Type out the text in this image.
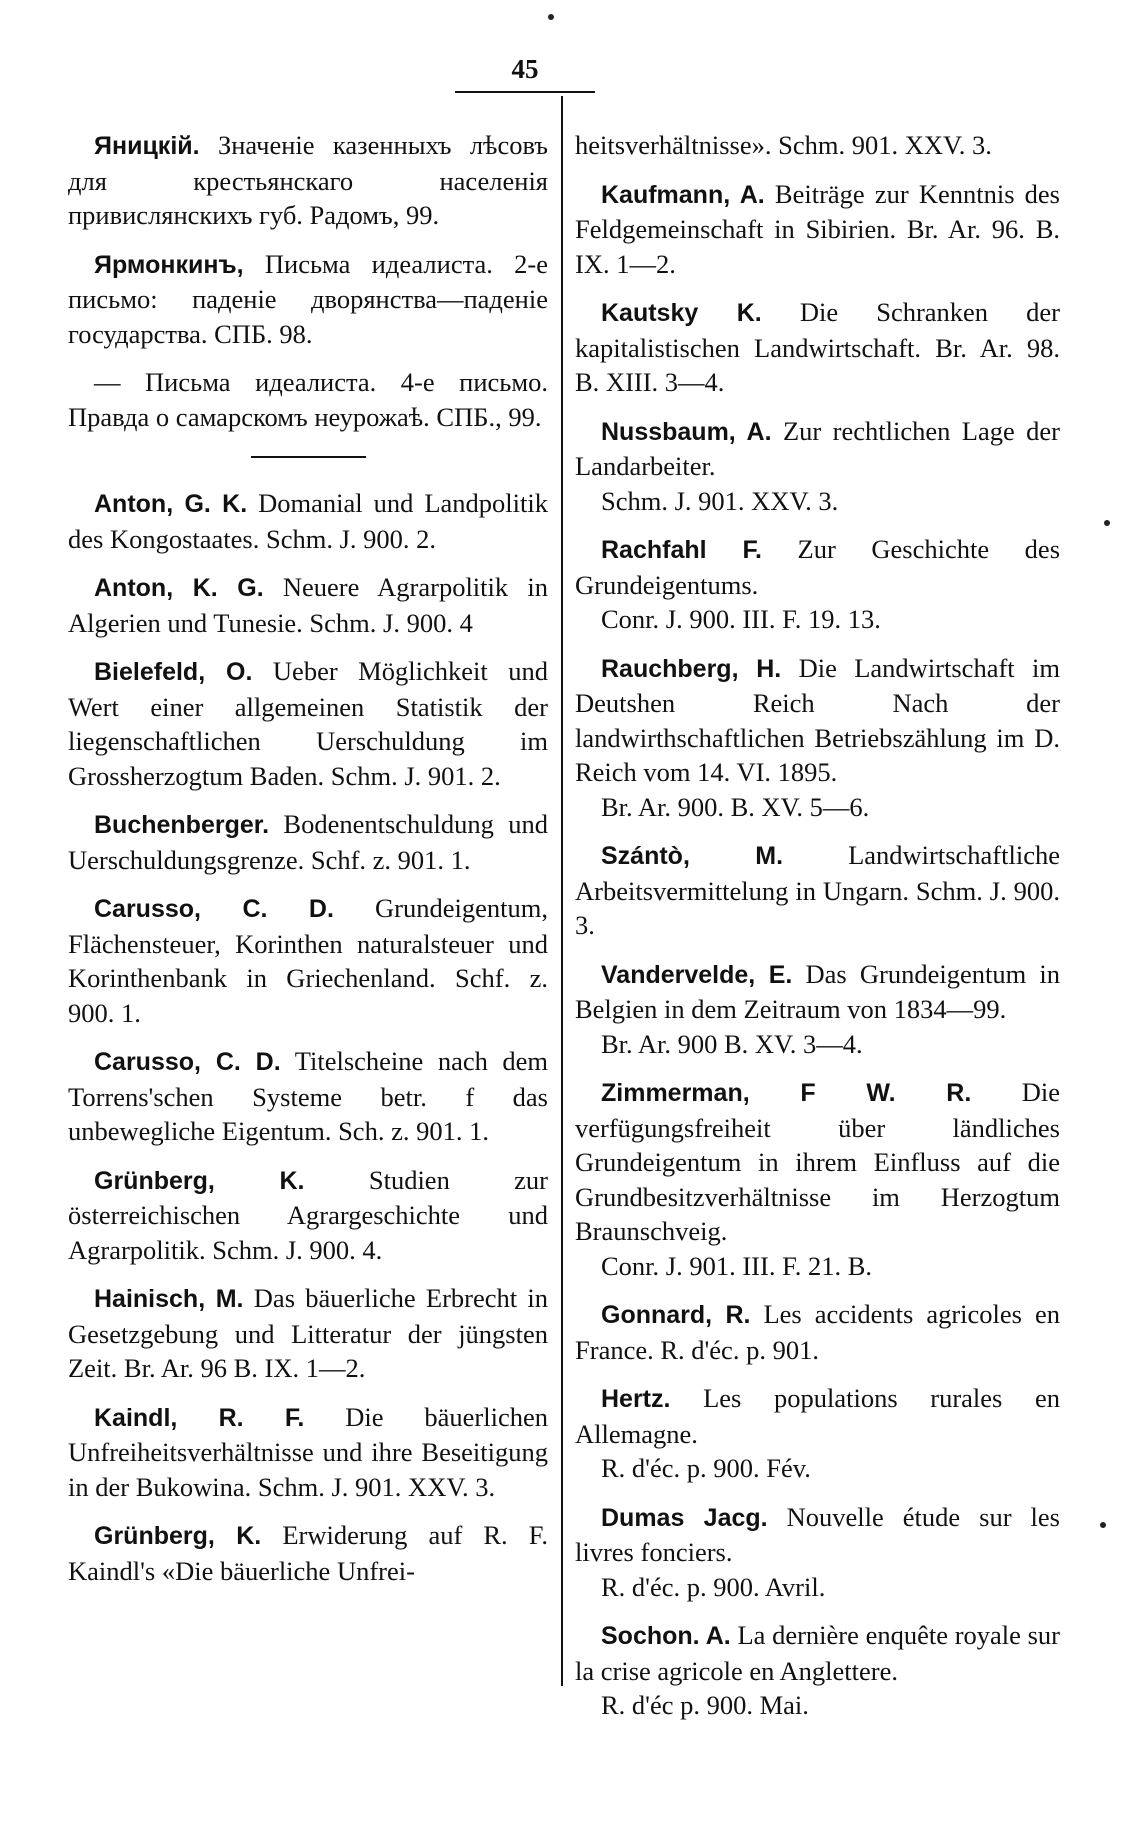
45
Яницкій. Значеніе казенныхъ лѣсовъ для крестьянскаго населенія привислянскихъ губ. Радомъ, 99.
Ярмонкинъ, Письма идеалиста. 2-е письмо: паденіе дворянства—паденіе государства. СПБ. 98.
— Письма идеалиста. 4-е письмо. Правда о самарскомъ неурожаѣ. СПБ., 99.
Anton, G. K. Domanial und Landpolitik des Kongostaates. Schm. J. 900. 2.
Anton, K. G. Neuere Agrarpolitik in Algerien und Tunesie. Schm. J. 900. 4
Bielefeld, O. Ueber Möglichkeit und Wert einer allgemeinen Statistik der liegenschaftlichen Uerschuldung im Grossherzogtum Baden. Schm. J. 901. 2.
Buchenberger. Bodenentschuldung und Uerschuldungsgrenze. Schf. z. 901. 1.
Carusso, C. D. Grundeigentum, Flächensteuer, Korinthen naturalsteuer und Korinthenbank in Griechenland. Schf. z. 900. 1.
Carusso, C. D. Titelscheine nach dem Torrens'schen Systeme betr. f das unbewegliche Eigentum. Sch. z. 901. 1.
Grünberg, K. Studien zur österreichischen Agrargeschichte und Agrarpolitik. Schm. J. 900. 4.
Hainisch, M. Das bäuerliche Erbrecht in Gesetzgebung und Litteratur der jüngsten Zeit. Br. Ar. 96 B. IX. 1—2.
Kaindl, R. F. Die bäuerlichen Unfreiheitsverhältnisse und ihre Beseitigung in der Bukowina. Schm. J. 901. XXV. 3.
Grünberg, K. Erwiderung auf R. F. Kaindl's «Die bäuerliche Unfrei-
heitsverhältnisse». Schm. 901. XXV. 3.
Kaufmann, A. Beiträge zur Kenntnis des Feldgemeinschaft in Sibirien. Br. Ar. 96. B. IX. 1—2.
Kautsky K. Die Schranken der kapitalistischen Landwirtschaft. Br. Ar. 98. B. XIII. 3—4.
Nussbaum, A. Zur rechtlichen Lage der Landarbeiter.
Schm. J. 901. XXV. 3.
Rachfahl F. Zur Geschichte des Grundeigentums.
Conr. J. 900. III. F. 19. 13.
Rauchberg, H. Die Landwirtschaft im Deutshen Reich Nach der landwirthschaftlichen Betriebszählung im D. Reich vom 14. VI. 1895.
Br. Ar. 900. B. XV. 5—6.
Szántò, M. Landwirtschaftliche Arbeitsvermittelung in Ungarn. Schm. J. 900. 3.
Vandervelde, E. Das Grundeigentum in Belgien in dem Zeitraum von 1834—99.
Br. Ar. 900 B. XV. 3—4.
Zimmerman, F W. R. Die verfügungsfreiheit über ländliches Grundeigentum in ihrem Einfluss auf die Grundbesitzverhältnisse im Herzogtum Braunschveig.
Conr. J. 901. III. F. 21. B.
Gonnard, R. Les accidents agricoles en France. R. d'éc. p. 901.
Hertz. Les populations rurales en Allemagne.
R. d'éc. p. 900. Fév.
Dumas Jacg. Nouvelle étude sur les livres fonciers.
R. d'éc. p. 900. Avril.
Sochon. A. La dernière enquête royale sur la crise agricole en Anglettere.
R. d'éc p. 900. Mai.
